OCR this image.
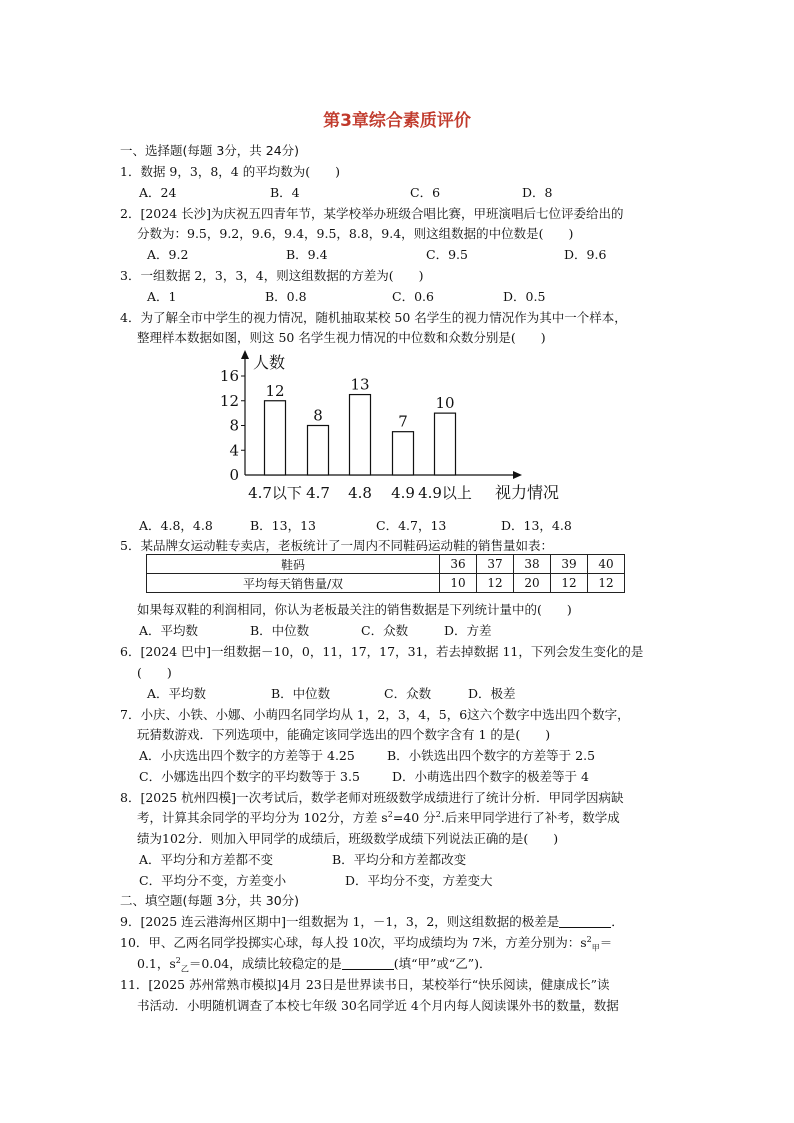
第3章综合素质评价
一、选择题(每题 3分，共 24分)
1．数据 9，3，8，4 的平均数为(　　)
A．24	B．4	C．6	D．8
2．[2024 长沙]为庆祝五四青年节，某学校举办班级合唱比赛，甲班演唱后七位评委给出的
分数为：9.5，9.2，9.6，9.4，9.5，8.8，9.4，则这组数据的中位数是(　　)
A．9.2	B．9.4	C．9.5	D．9.6
3．一组数据 2，3，3，4，则这组数据的方差为(　　)
A．1	B．0.8	C．0.6	D．0.5
4．为了解全市中学生的视力情况，随机抽取某校 50 名学生的视力情况作为其中一个样本，
整理样本数据如图，则这 50 名学生视力情况的中位数和众数分别是(　　)
人数
视力情况
0
4
8
12
16
12
4.7以下
8
4.7
13
4.8
7
4.9
10
4.9以上
A．4.8，4.8	B．13，13	C．4.7，13	D．13，4.8
5．某品牌女运动鞋专卖店，老板统计了一周内不同鞋码运动鞋的销售量如表：
鞋码	36	37	38	39	40
平均每天销售量/双	10	12	20	12	12
如果每双鞋的利润相同，你认为老板最关注的销售数据是下列统计量中的(　　)
A．平均数	B．中位数	C．众数	D．方差
6．[2024 巴中]一组数据－10，0，11，17，17，31，若去掉数据 11，下列会发生变化的是
(　　)
A．平均数	B．中位数	C．众数	D．极差
7．小庆、小铁、小娜、小萌四名同学均从 1，2，3，4，5，6这六个数字中选出四个数字，
玩猜数游戏．下列选项中，能确定该同学选出的四个数字含有 1 的是(　　)
A．小庆选出四个数字的方差等于 4.25	B．小铁选出四个数字的方差等于 2.5
C．小娜选出四个数字的平均数等于 3.5	D．小萌选出四个数字的极差等于 4
8．[2025 杭州四模]一次考试后，数学老师对班级数学成绩进行了统计分析．甲同学因病缺
考，计算其余同学的平均分为 102分，方差 $s^2=40$ 分$^2$.后来甲同学进行了补考，数学成
绩为102分．则加入甲同学的成绩后，班级数学成绩下列说法正确的是(　　)
A．平均分和方差都不变	B．平均分和方差都改变
C．平均分不变，方差变小	D．平均分不变，方差变大
二、填空题(每题 3分，共 30分)
9．[2025 连云港海州区期中]一组数据为 1，－1，3，2，则这组数据的极差是	．
10．甲、乙两名同学投掷实心球，每人投 10次，平均成绩均为 7米，方差分别为：$s^2_甲=$
0.1，$s^2_乙=0.04$，成绩比较稳定的是	(填“甲”或“乙”)．
11．[2025 苏州常熟市模拟]4月 23日是世界读书日，某校举行“快乐阅读，健康成长”读
书活动．小明随机调查了本校七年级 30名同学近 4个月内每人阅读课外书的数量，数据
